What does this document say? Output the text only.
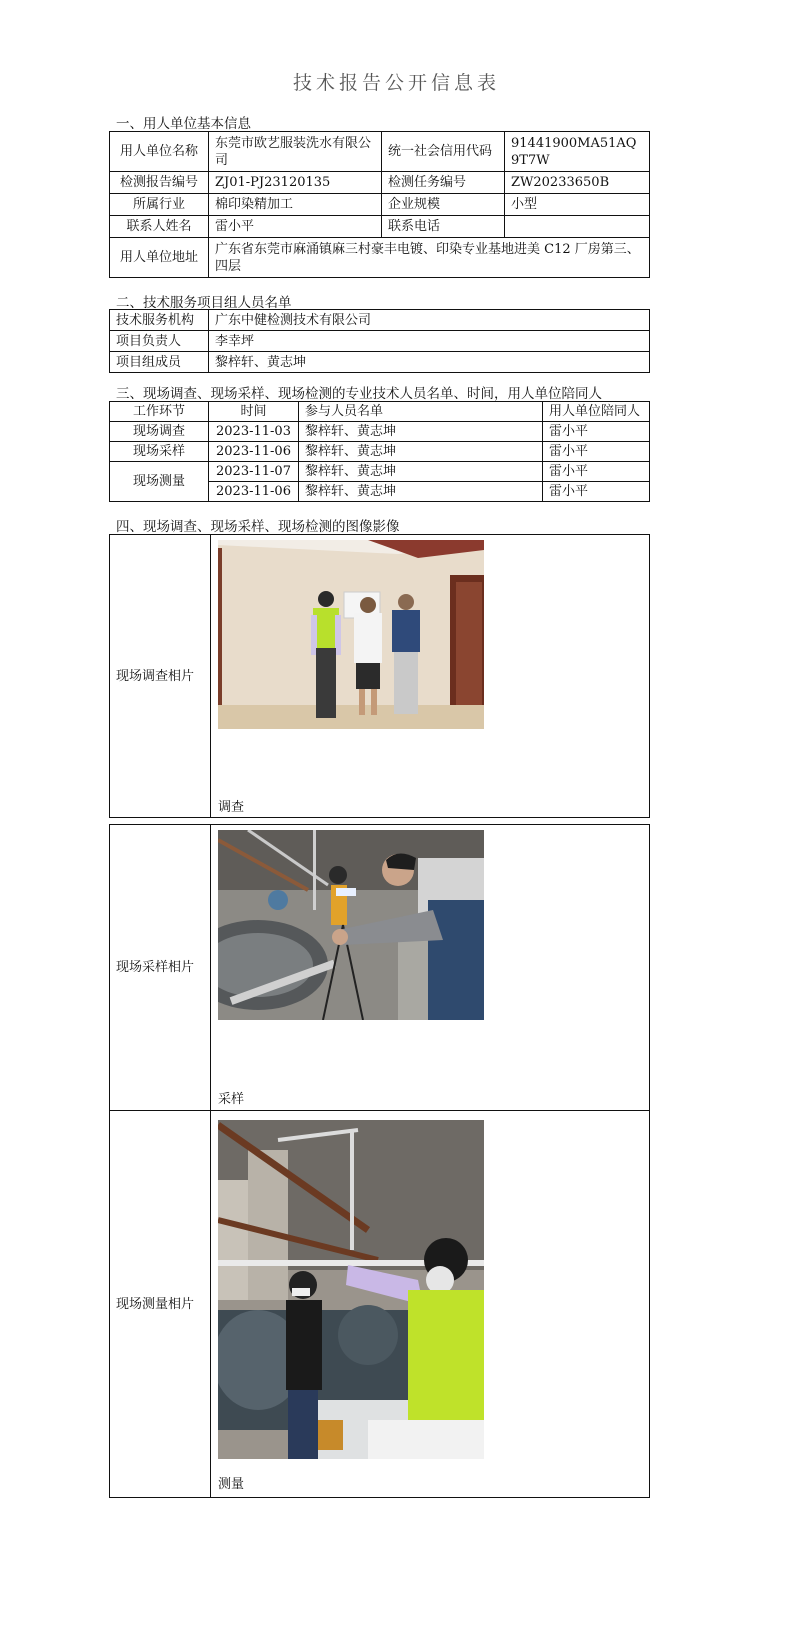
技术报告公开信息表
一、用人单位基本信息
用人单位名称	东莞市欧艺服装洗水有限公司	统一社会信用代码	91441900MA51AQ9T7W
检测报告编号	ZJ01-PJ23120135	检测任务编号	ZW20233650B
所属行业	棉印染精加工	企业规模	小型
联系人姓名	雷小平	联系电话	
用人单位地址	广东省东莞市麻涌镇麻三村豪丰电镀、印染专业基地进美 C12 厂房第三、四层		
二、技术服务项目组人员名单
技术服务机构	广东中健检测技术有限公司
项目负责人	李幸坪
项目组成员	黎梓轩、黄志坤
三、现场调查、现场采样、现场检测的专业技术人员名单、时间，用人单位陪同人
工作环节	时间	参与人员名单	用人单位陪同人
现场调查	2023-11-03	黎梓轩、黄志坤	雷小平
现场采样	2023-11-06	黎梓轩、黄志坤	雷小平
现场测量	2023-11-07	黎梓轩、黄志坤	雷小平
	2023-11-06	黎梓轩、黄志坤	雷小平
四、现场调查、现场采样、现场检测的图像影像
现场调查相片	
调查
现场采样相片	采样

现场测量相片	测量
